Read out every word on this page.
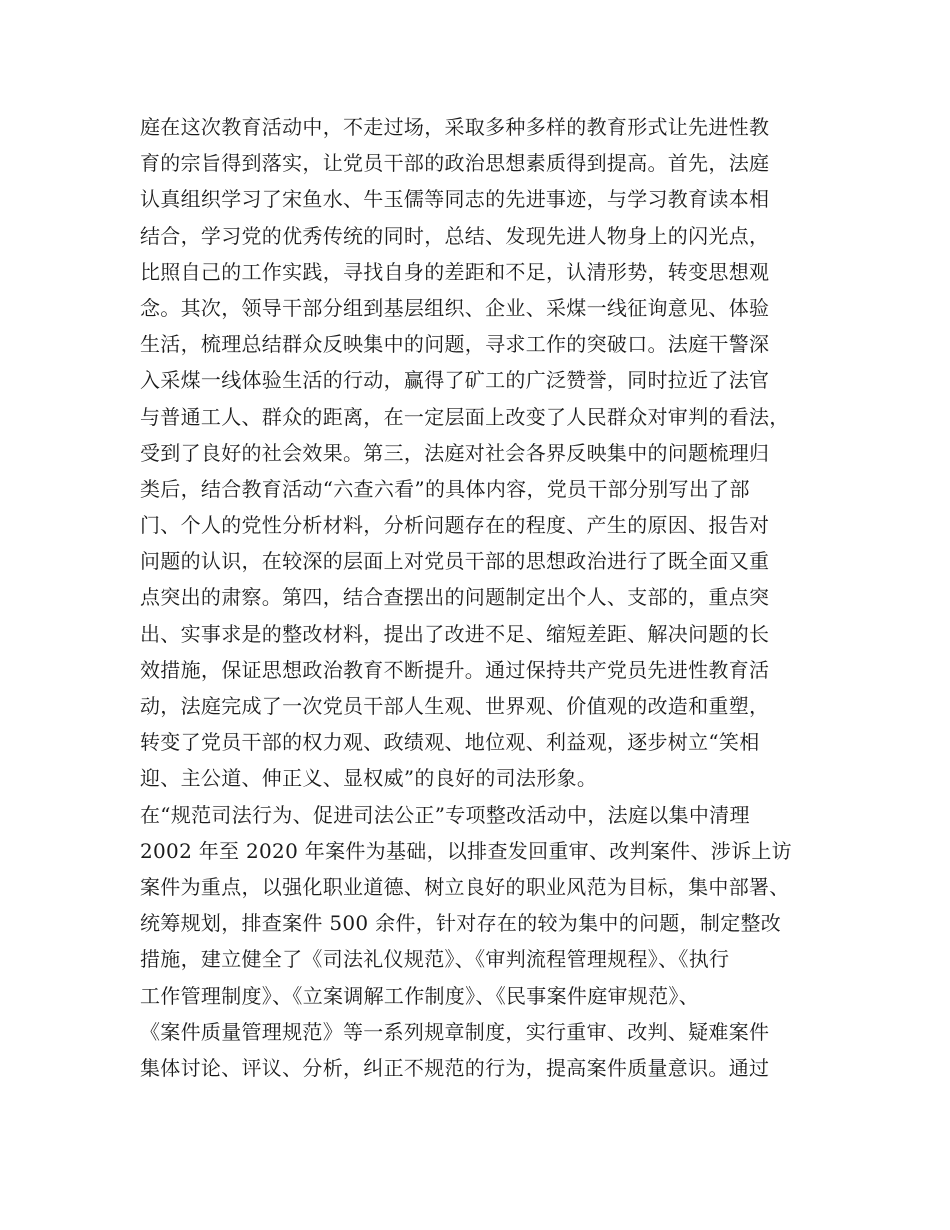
庭在这次教育活动中，不走过场，采取多种多样的教育形式让先进性教
育的宗旨得到落实，让党员干部的政治思想素质得到提高。首先，法庭
认真组织学习了宋鱼水、牛玉儒等同志的先进事迹，与学习教育读本相
结合，学习党的优秀传统的同时，总结、发现先进人物身上的闪光点，
比照自己的工作实践，寻找自身的差距和不足，认清形势，转变思想观
念。其次，领导干部分组到基层组织、企业、采煤一线征询意见、体验
生活，梳理总结群众反映集中的问题，寻求工作的突破口。法庭干警深
入采煤一线体验生活的行动，赢得了矿工的广泛赞誉，同时拉近了法官
与普通工人、群众的距离，在一定层面上改变了人民群众对审判的看法，
受到了良好的社会效果。第三，法庭对社会各界反映集中的问题梳理归
类后，结合教育活动“六查六看”的具体内容，党员干部分别写出了部
门、个人的党性分析材料，分析问题存在的程度、产生的原因、报告对
问题的认识，在较深的层面上对党员干部的思想政治进行了既全面又重
点突出的肃察。第四，结合查摆出的问题制定出个人、支部的，重点突
出、实事求是的整改材料，提出了改进不足、缩短差距、解决问题的长
效措施，保证思想政治教育不断提升。通过保持共产党员先进性教育活
动，法庭完成了一次党员干部人生观、世界观、价值观的改造和重塑，
转变了党员干部的权力观、政绩观、地位观、利益观，逐步树立“笑相
迎、主公道、伸正义、显权威”的良好的司法形象。
在“规范司法行为、促进司法公正”专项整改活动中，法庭以集中清理
2002 年至 2020 年案件为基础，以排查发回重审、改判案件、涉诉上访
案件为重点，以强化职业道德、树立良好的职业风范为目标，集中部署、
统筹规划，排查案件 500 余件，针对存在的较为集中的问题，制定整改
措施，建立健全了《司法礼仪规范》、《审判流程管理规程》、《执行
工作管理制度》、《立案调解工作制度》、《民事案件庭审规范》、
《案件质量管理规范》等一系列规章制度，实行重审、改判、疑难案件
集体讨论、评议、分析，纠正不规范的行为，提高案件质量意识。通过
